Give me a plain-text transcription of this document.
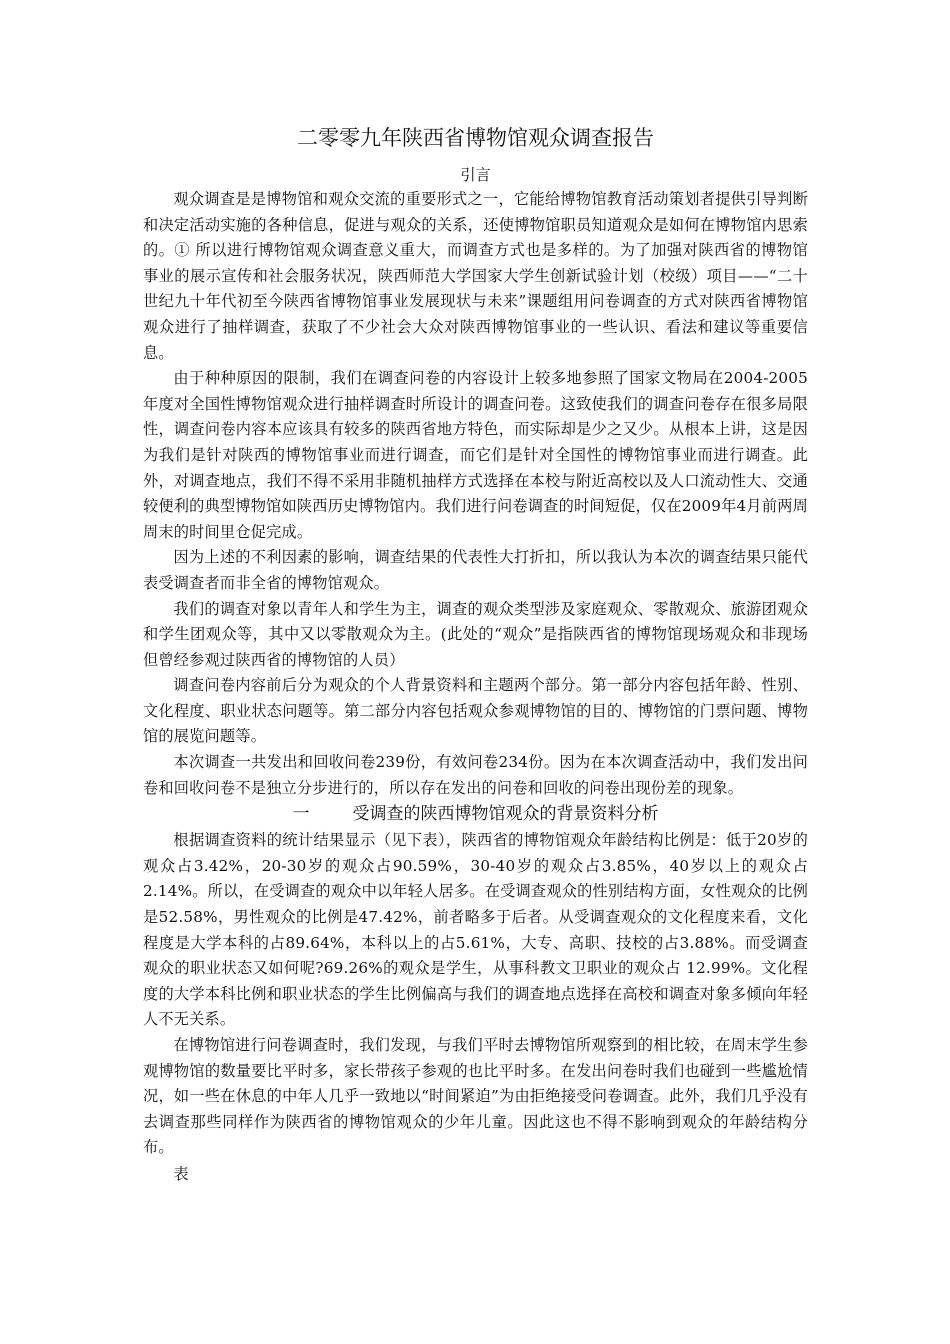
二零零九年陕西省博物馆观众调查报告
引言

观众调查是是博物馆和观众交流的重要形式之一，它能给博物馆教育活动策划者提供引导判断和决定活动实施的各种信息，促进与观众的关系，还使博物馆职员知道观众是如何在博物馆内思索的。① 所以进行博物馆观众调查意义重大，而调查方式也是多样的。为了加强对陕西省的博物馆事业的展示宣传和社会服务状况，陕西师范大学国家大学生创新试验计划（校级）项目——“二十世纪九十年代初至今陕西省博物馆事业发展现状与未来”课题组用问卷调查的方式对陕西省博物馆观众进行了抽样调查，获取了不少社会大众对陕西博物馆事业的一些认识、看法和建议等重要信息。

由于种种原因的限制，我们在调查问卷的内容设计上较多地参照了国家文物局在2004-2005年度对全国性博物馆观众进行抽样调查时所设计的调查问卷。这致使我们的调查问卷存在很多局限性，调查问卷内容本应该具有较多的陕西省地方特色，而实际却是少之又少。从根本上讲，这是因为我们是针对陕西的博物馆事业而进行调查，而它们是针对全国性的博物馆事业而进行调查。此外，对调查地点，我们不得不采用非随机抽样方式选择在本校与附近高校以及人口流动性大、交通较便利的典型博物馆如陕西历史博物馆内。我们进行问卷调查的时间短促，仅在2009年4月前两周周末的时间里仓促完成。

因为上述的不利因素的影响，调查结果的代表性大打折扣，所以我认为本次的调查结果只能代表受调查者而非全省的博物馆观众。

我们的调查对象以青年人和学生为主，调查的观众类型涉及家庭观众、零散观众、旅游团观众和学生团观众等，其中又以零散观众为主。(此处的“观众”是指陕西省的博物馆现场观众和非现场但曾经参观过陕西省的博物馆的人员）

调查问卷内容前后分为观众的个人背景资料和主题两个部分。第一部分内容包括年龄、性别、文化程度、职业状态问题等。第二部分内容包括观众参观博物馆的目的、博物馆的门票问题、博物馆的展览问题等。

本次调查一共发出和回收问卷239份，有效问卷234份。因为在本次调查活动中，我们发出问卷和回收问卷不是独立分步进行的，所以存在发出的问卷和回收的问卷出现份差的现象。

一	受调查的陕西博物馆观众的背景资料分析

根据调查资料的统计结果显示（见下表），陕西省的博物馆观众年龄结构比例是：低于20岁的观众占3.42%，20-30岁的观众占90.59%，30-40岁的观众占3.85%，40岁以上的观众占2.14%。所以，在受调查的观众中以年轻人居多。在受调查观众的性别结构方面，女性观众的比例是52.58%，男性观众的比例是47.42%，前者略多于后者。从受调查观众的文化程度来看，文化程度是大学本科的占89.64%，本科以上的占5.61%，大专、高职、技校的占3.88%。而受调查观众的职业状态又如何呢?69.26%的观众是学生，从事科教文卫职业的观众占 12.99%。文化程度的大学本科比例和职业状态的学生比例偏高与我们的调查地点选择在高校和调查对象多倾向年轻人不无关系。

在博物馆进行问卷调查时，我们发现，与我们平时去博物馆所观察到的相比较，在周末学生参观博物馆的数量要比平时多，家长带孩子参观的也比平时多。在发出问卷时我们也碰到一些尴尬情况，如一些在休息的中年人几乎一致地以“时间紧迫”为由拒绝接受问卷调查。此外，我们几乎没有去调查那些同样作为陕西省的博物馆观众的少年儿童。因此这也不得不影响到观众的年龄结构分布。

表
